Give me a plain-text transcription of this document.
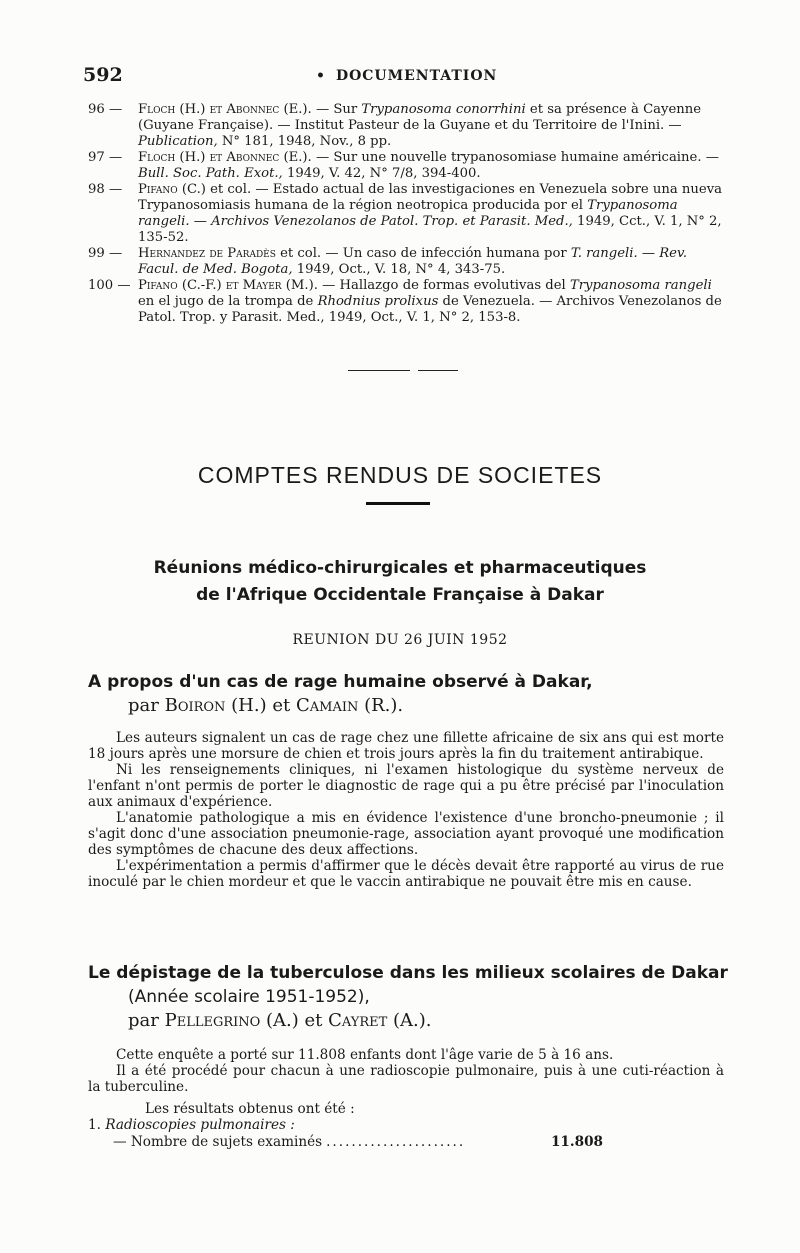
592	• DOCUMENTATION
96 —	Floch (H.) et Abonnec (E.). — Sur Trypanosoma conorrhini et sa présence à Cayenne (Guyane Française). — Institut Pasteur de la Guyane et du Territoire de l'Inini. — Publication, N° 181, 1948, Nov., 8 pp.
97 —	Floch (H.) et Abonnec (E.). — Sur une nouvelle trypanosomiase humaine américaine. — Bull. Soc. Path. Exot., 1949, V. 42, N° 7/8, 394-400.
98 —	Pifano (C.) et col. — Estado actual de las investigaciones en Venezuela sobre una nueva Trypanosomiasis humana de la région neotropica producida por el Trypanosoma rangeli. — Archivos Venezolanos de Patol. Trop. et Parasit. Med., 1949, Cct., V. 1, N° 2, 135-52.
99 —	Hernandez de Paradès et col. — Un caso de infección humana por T. rangeli. — Rev. Facul. de Med. Bogota, 1949, Oct., V. 18, N° 4, 343-75.
100 — Pifano (C.-F.) et Mayer (M.). — Hallazgo de formas evolutivas del Trypanosoma rangeli en el jugo de la trompa de Rhodnius prolixus de Venezuela. — Archivos Venezolanos de Patol. Trop. y Parasit. Med., 1949, Oct., V. 1, N° 2, 153-8.
COMPTES RENDUS DE SOCIETES
Réunions médico-chirurgicales et pharmaceutiques
de l'Afrique Occidentale Française à Dakar
REUNION DU 26 JUIN 1952
A propos d'un cas de rage humaine observé à Dakar,
par Boiron (H.) et Camain (R.).

Les auteurs signalent un cas de rage chez une fillette africaine de six ans qui est morte 18 jours après une morsure de chien et trois jours après la fin du traitement antirabique.

Ni les renseignements cliniques, ni l'examen histologique du système nerveux de l'enfant n'ont permis de porter le diagnostic de rage qui a pu être précisé par l'inoculation aux animaux d'expérience.

L'anatomie pathologique a mis en évidence l'existence d'une broncho-pneumonie ; il s'agit donc d'une association pneumonie-rage, association ayant provoqué une modification des symptômes de chacune des deux affections.

L'expérimentation a permis d'affirmer que le décès devait être rapporté au virus de rue inoculé par le chien mordeur et que le vaccin antirabique ne pouvait être mis en cause.

Le dépistage de la tuberculose dans les milieux scolaires de Dakar
(Année scolaire 1951-1952),
par Pellegrino (A.) et Cayret (A.).

Cette enquête a porté sur 11.808 enfants dont l'âge varie de 5 à 16 ans.

Il a été procédé pour chacun à une radioscopie pulmonaire, puis à une cuti-réaction à la tuberculine.

Les résultats obtenus ont été :
1. Radioscopies pulmonaires :
— Nombre de sujets examinés ......................	11.808
